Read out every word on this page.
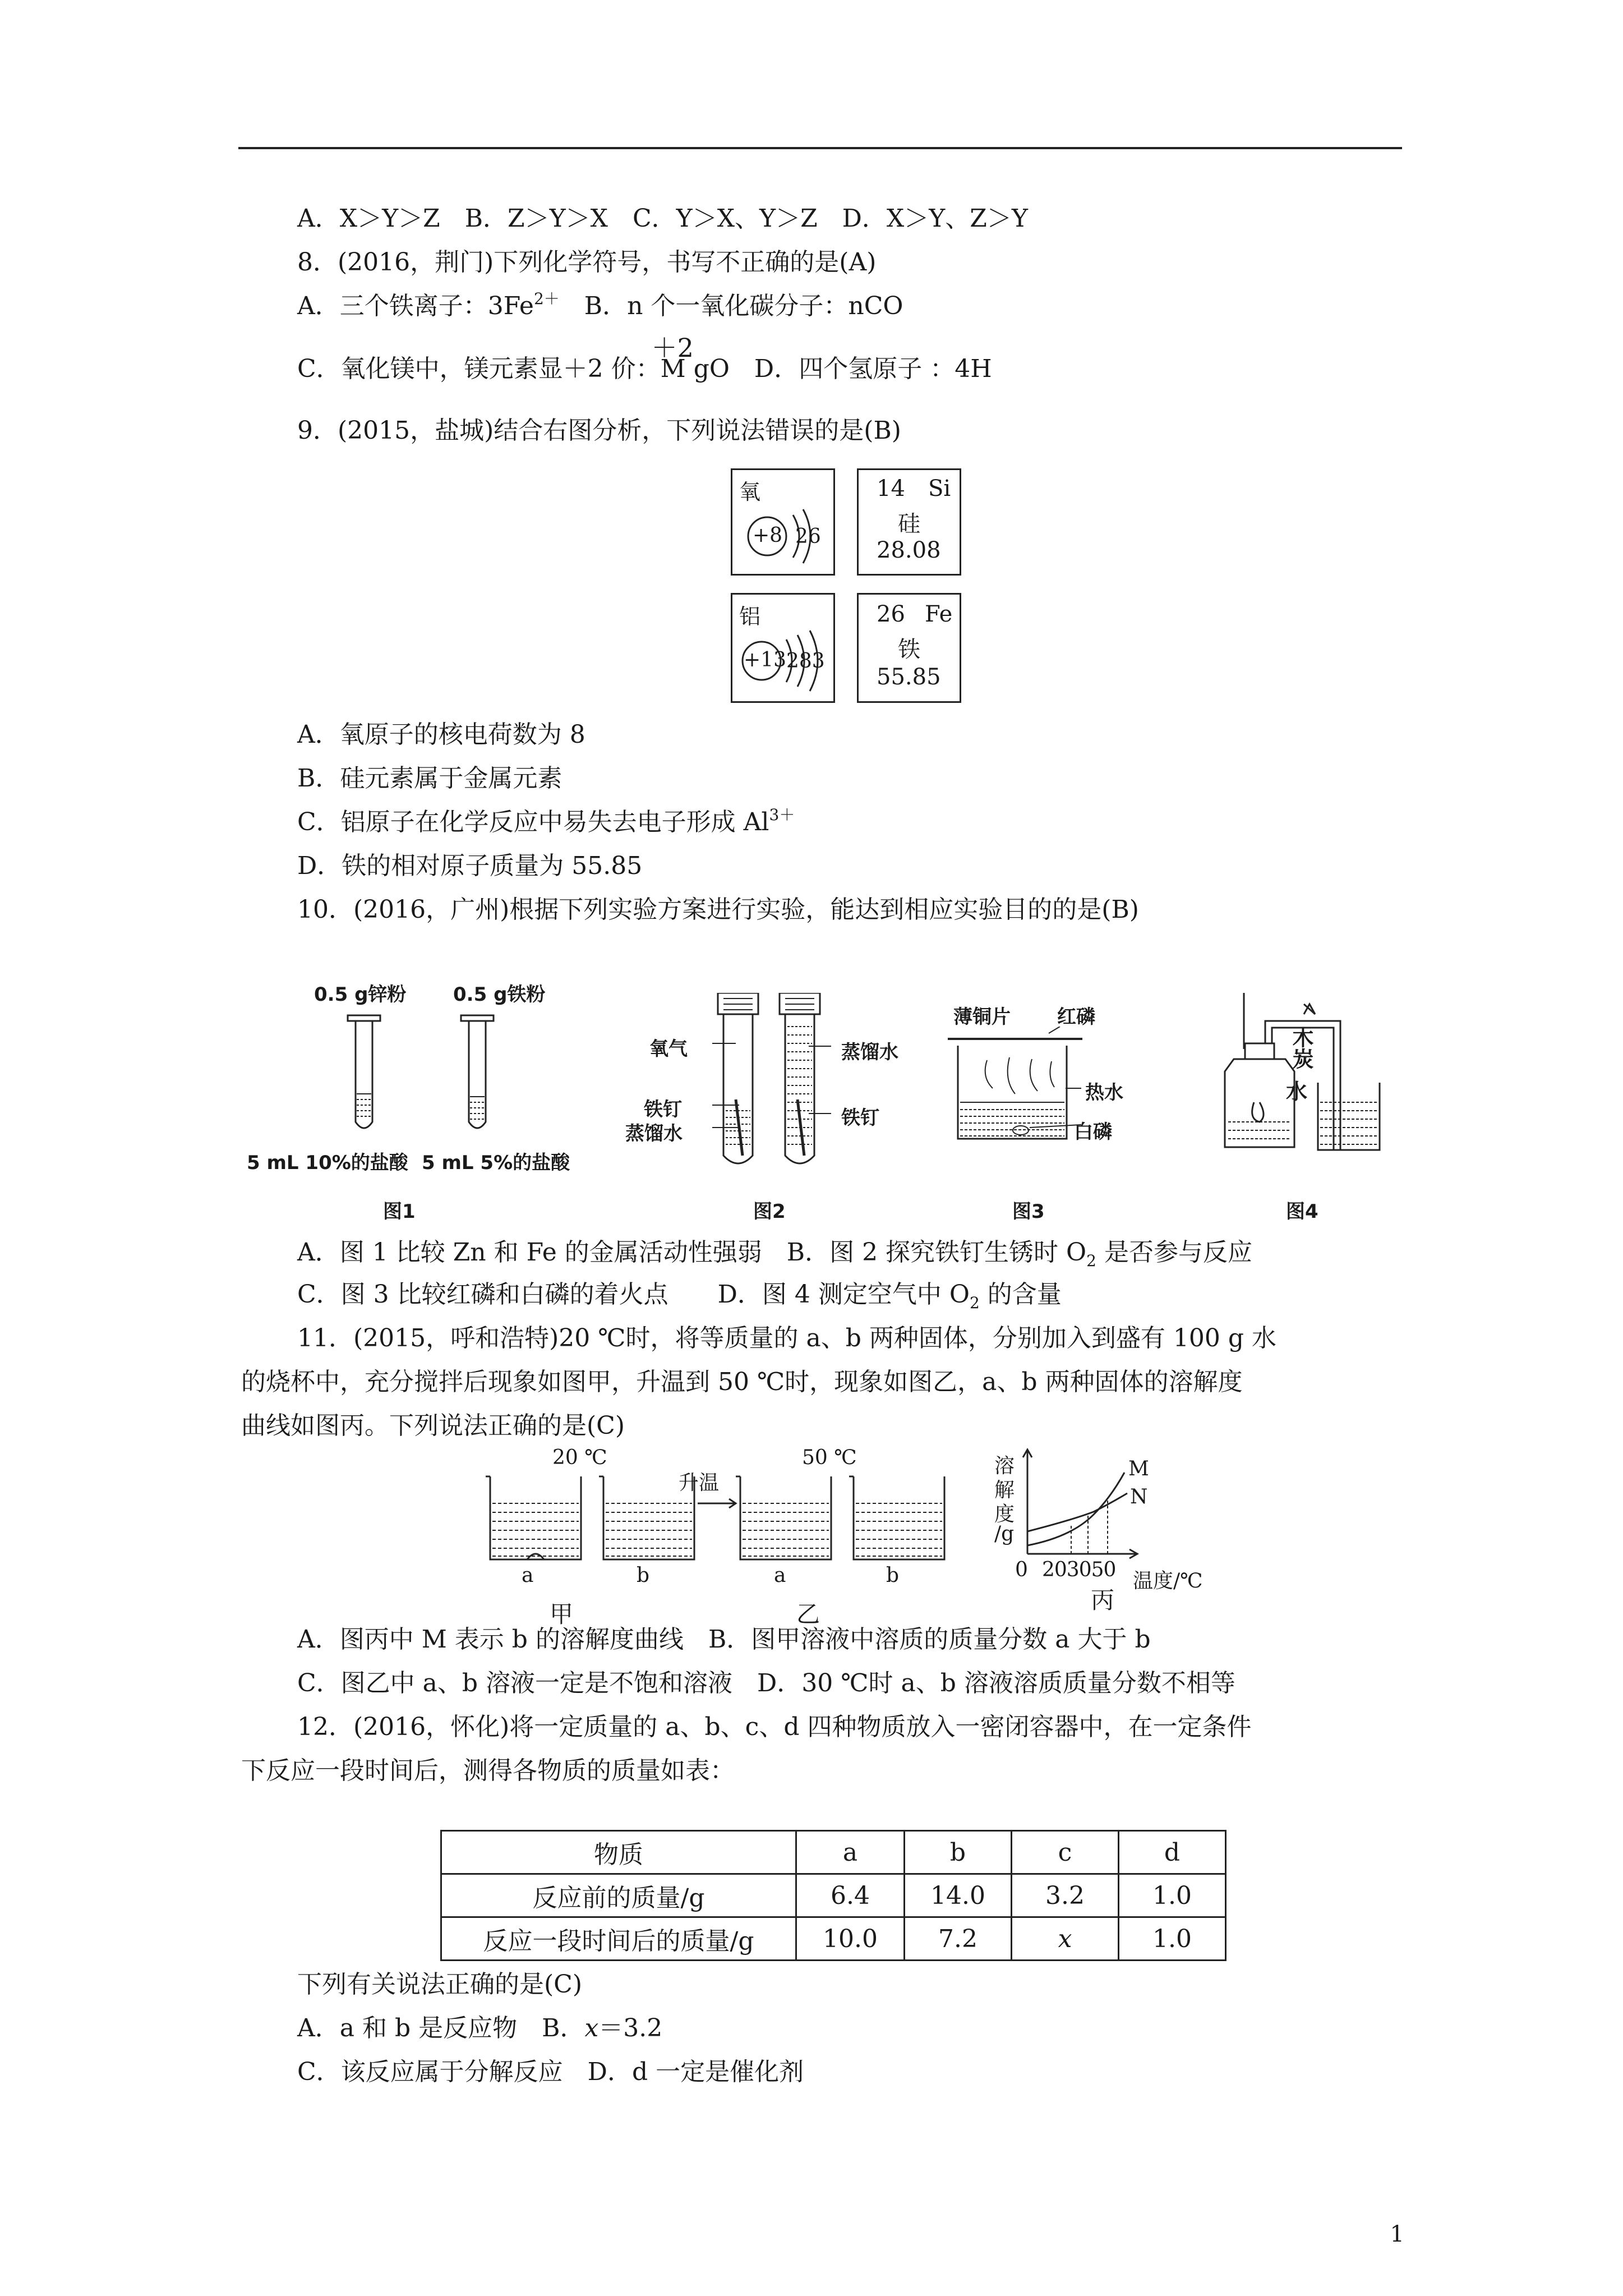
A．X＞Y＞Z　B．Z＞Y＞X　C．Y＞X、Y＞Z　D．X＞Y、Z＞Y
8．(2016，荆门)下列化学符号，书写不正确的是(A)
A．三个铁离子：$3Fe^{2+}$　B．n 个一氧化碳分子：nCO
C．氧化镁中，镁元素显＋2 价：
＋2
M gO　D．四个氢原子 ：4H
9．(2015，盐城)结合右图分析，下列说法错误的是(B)
氧
+8 26
14 Si
硅
28.08
铝
+13 283
26 Fe
铁
55.85
A．氧原子的核电荷数为 8
B．硅元素属于金属元素
C．铝原子在化学反应中易失去电子形成 $Al^{3+}$
D．铁的相对原子质量为 55.85
10．(2016，广州)根据下列实验方案进行实验，能达到相应实验目的的是(B)
0.5 g锌粉 0.5 g铁粉
5 mL 10%的盐酸 5 mL 5%的盐酸
图1
氧气
铁钉
蒸馏水
蒸馏水
铁钉
图2
薄铜片 红磷
热水
白磷
图3
木炭
水
图4
A．图 1 比较 Zn 和 Fe 的金属活动性强弱　B．图 2 探究铁钉生锈时 $O_2$ 是否参与反应
C．图 3 比较红磷和白磷的着火点　　D．图 4 测定空气中 $O_2$ 的含量
11．(2015，呼和浩特)20 ℃时，将等质量的 a、b 两种固体，分别加入到盛有 100 g 水
的烧杯中，充分搅拌后现象如图甲，升温到 50 ℃时，现象如图乙，a、b 两种固体的溶解度
曲线如图丙。下列说法正确的是(C)
20 ℃	50 ℃
升温
a	b	a	b
甲	乙
溶
解
度
/g
M
N
0 203050 温度/℃
丙
A．图丙中 M 表示 b 的溶解度曲线　B．图甲溶液中溶质的质量分数 a 大于 b
C．图乙中 a、b 溶液一定是不饱和溶液　D．30 ℃时 a、b 溶液溶质质量分数不相等
12．(2016，怀化)将一定质量的 a、b、c、d 四种物质放入一密闭容器中，在一定条件
下反应一段时间后，测得各物质的质量如表：
物质	a	b	c	d
反应前的质量/g	6.4	14.0	3.2	1.0
反应一段时间后的质量/g	10.0	7.2	x	1.0
下列有关说法正确的是(C)
A．a 和 b 是反应物　B．x＝3.2
C．该反应属于分解反应　D．d 一定是催化剂
1
